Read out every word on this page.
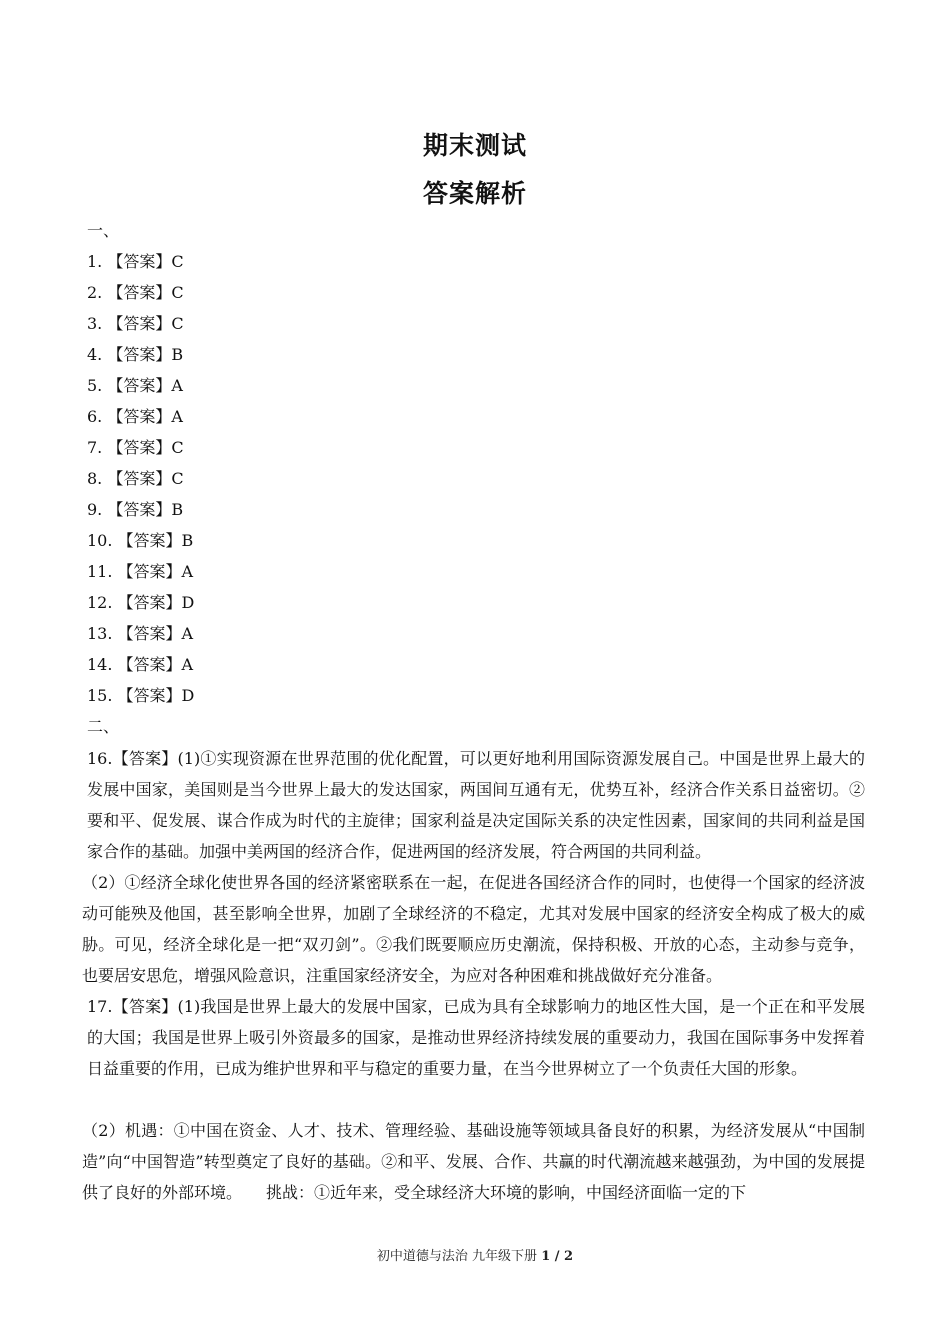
期末测试
答案解析
一、
1. 【答案】C
2. 【答案】C
3. 【答案】C
4. 【答案】B
5. 【答案】A
6. 【答案】A
7. 【答案】C
8. 【答案】C
9. 【答案】B
10. 【答案】B
11. 【答案】A
12. 【答案】D
13. 【答案】A
14. 【答案】A
15. 【答案】D
二、

16.【答案】(1)①实现资源在世界范围的优化配置，可以更好地利用国际资源发展自己。中国是世界上最大的发展中国家，美国则是当今世界上最大的发达国家，两国间互通有无，优势互补，经济合作关系日益密切。②要和平、促发展、谋合作成为时代的主旋律；国家利益是决定国际关系的决定性因素，国家间的共同利益是国家合作的基础。加强中美两国的经济合作，促进两国的经济发展，符合两国的共同利益。

（2）①经济全球化使世界各国的经济紧密联系在一起，在促进各国经济合作的同时，也使得一个国家的经济波动可能殃及他国，甚至影响全世界，加剧了全球经济的不稳定，尤其对发展中国家的经济安全构成了极大的威胁。可见，经济全球化是一把“双刃剑”。②我们既要顺应历史潮流，保持积极、开放的心态，主动参与竞争，也要居安思危，增强风险意识，注重国家经济安全，为应对各种困难和挑战做好充分准备。

17.【答案】(1)我国是世界上最大的发展中国家，已成为具有全球影响力的地区性大国，是一个正在和平发展的大国；我国是世界上吸引外资最多的国家，是推动世界经济持续发展的重要动力，我国在国际事务中发挥着日益重要的作用，已成为维护世界和平与稳定的重要力量，在当今世界树立了一个负责任大国的形象。

（2）机遇：①中国在资金、人才、技术、管理经验、基础设施等领域具备良好的积累，为经济发展从“中国制造”向“中国智造”转型奠定了良好的基础。②和平、发展、合作、共赢的时代潮流越来越强劲，为中国的发展提供了良好的外部环境。　　挑战：①近年来，受全球经济大环境的影响，中国经济面临一定的下

初中道德与法治 九年级下册 1 / 2
